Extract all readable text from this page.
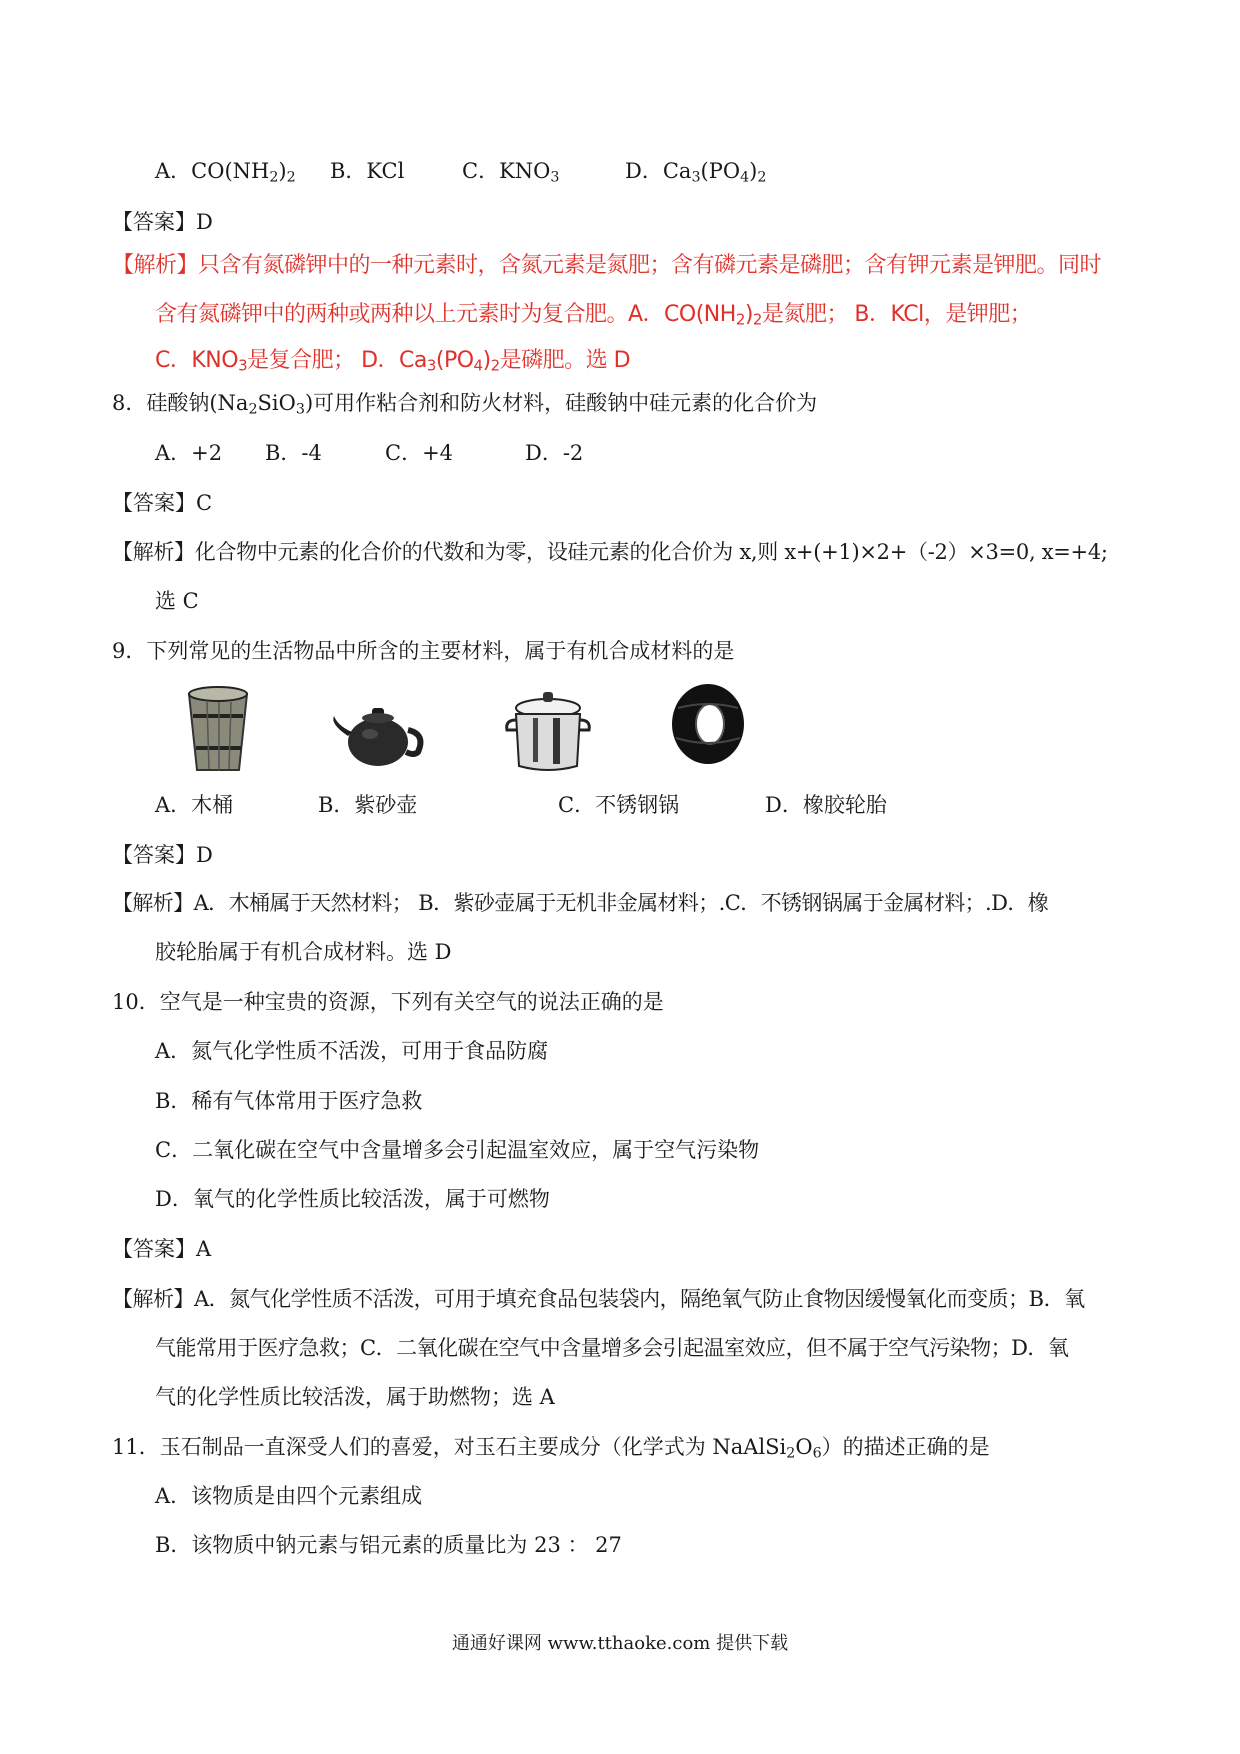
A．$CO(NH_2)_2$ B．KCl	C．$KNO_3$	D．$Ca_3(PO_4)_2$
【答案】D
【解析】只含有氮磷钾中的一种元素时，含氮元素是氮肥；含有磷元素是磷肥；含有钾元素是钾肥。同时
含有氮磷钾中的两种或两种以上元素时为复合肥。A．$CO(NH_2)_2$是氮肥； B．KCl，是钾肥；
C．$KNO_3$是复合肥； D．$Ca_3(PO_4)_2$是磷肥。选 D
8．硅酸钠$(Na_2SiO_3)$可用作粘合剂和防火材料，硅酸钠中硅元素的化合价为
A．+2 B．-4	C．+4	D．-2
【答案】C
【解析】化合物中元素的化合价的代数和为零，设硅元素的化合价为 x,则 x+(+1)×2+（-2）×3=0, x=+4;
选 C
9．下列常见的生活物品中所含的主要材料，属于有机合成材料的是
A．木桶	B．紫砂壶	C．不锈钢锅	D．橡胶轮胎
【答案】D
【解析】A．木桶属于天然材料； B．紫砂壶属于无机非金属材料；.C．不锈钢锅属于金属材料；.D．橡
胶轮胎属于有机合成材料。选 D
10．空气是一种宝贵的资源，下列有关空气的说法正确的是
A．氮气化学性质不活泼，可用于食品防腐
B．稀有气体常用于医疗急救
C．二氧化碳在空气中含量增多会引起温室效应，属于空气污染物
D．氧气的化学性质比较活泼，属于可燃物
【答案】A
【解析】A．氮气化学性质不活泼，可用于填充食品包装袋内，隔绝氧气防止食物因缓慢氧化而变质；B．氧
气能常用于医疗急救；C．二氧化碳在空气中含量增多会引起温室效应，但不属于空气污染物；D．氧
气的化学性质比较活泼，属于助燃物；选 A
11．玉石制品一直深受人们的喜爱，对玉石主要成分（化学式为 $NaAlSi_2O_6$）的描述正确的是
A．该物质是由四个元素组成
B．该物质中钠元素与铝元素的质量比为 23 ： 27
通通好课网 www.tthaoke.com 提供下载
